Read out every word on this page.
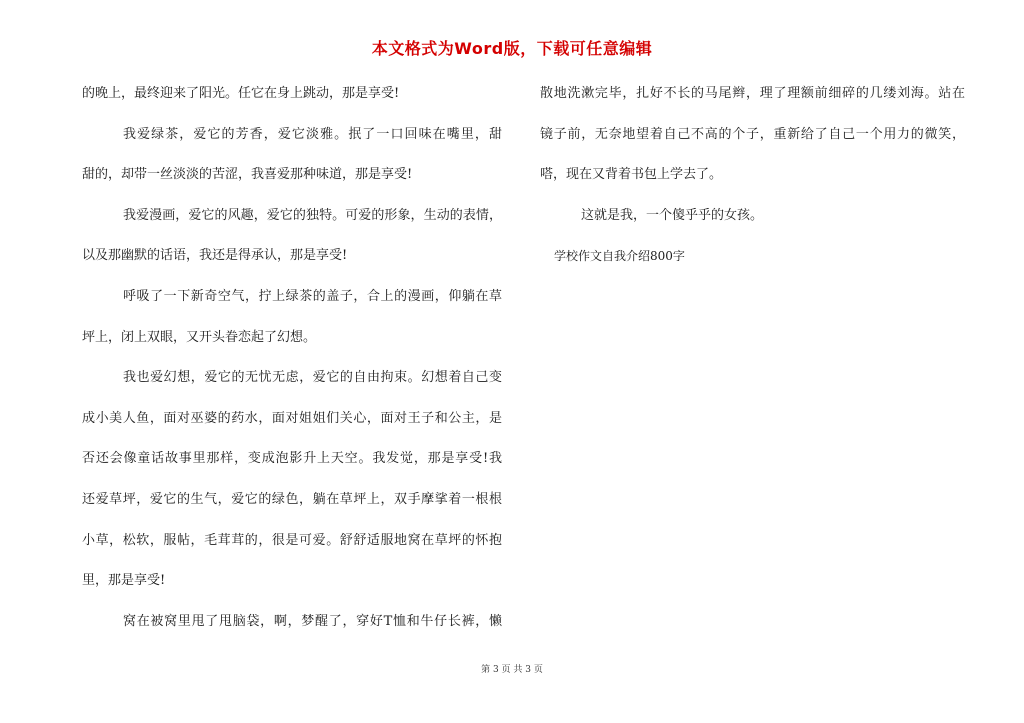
本文格式为Word版，下载可任意编辑
的晚上，最终迎来了阳光。任它在身上跳动，那是享受!
我爱绿茶，爱它的芳香，爱它淡雅。抿了一口回味在嘴里，甜
甜的，却带一丝淡淡的苦涩，我喜爱那种味道，那是享受!
我爱漫画，爱它的风趣，爱它的独特。可爱的形象，生动的表情，
以及那幽默的话语，我还是得承认，那是享受!
呼吸了一下新奇空气，拧上绿茶的盖子，合上的漫画，仰躺在草
坪上，闭上双眼，又开头眷恋起了幻想。
我也爱幻想，爱它的无忧无虑，爱它的自由拘束。幻想着自己变
成小美人鱼，面对巫婆的药水，面对姐姐们关心，面对王子和公主，是
否还会像童话故事里那样，变成泡影升上天空。我发觉，那是享受!我
还爱草坪，爱它的生气，爱它的绿色，躺在草坪上，双手摩挲着一根根
小草，松软，服帖，毛茸茸的，很是可爱。舒舒适服地窝在草坪的怀抱
里，那是享受!
窝在被窝里甩了甩脑袋，啊，梦醒了，穿好T恤和牛仔长裤，懒
散地洗漱完毕，扎好不长的马尾辫，理了理额前细碎的几缕刘海。站在
镜子前，无奈地望着自己不高的个子，重新给了自己一个用力的微笑，
嗒，现在又背着书包上学去了。
这就是我，一个傻乎乎的女孩。
学校作文自我介绍800字
第 3 页 共 3 页
